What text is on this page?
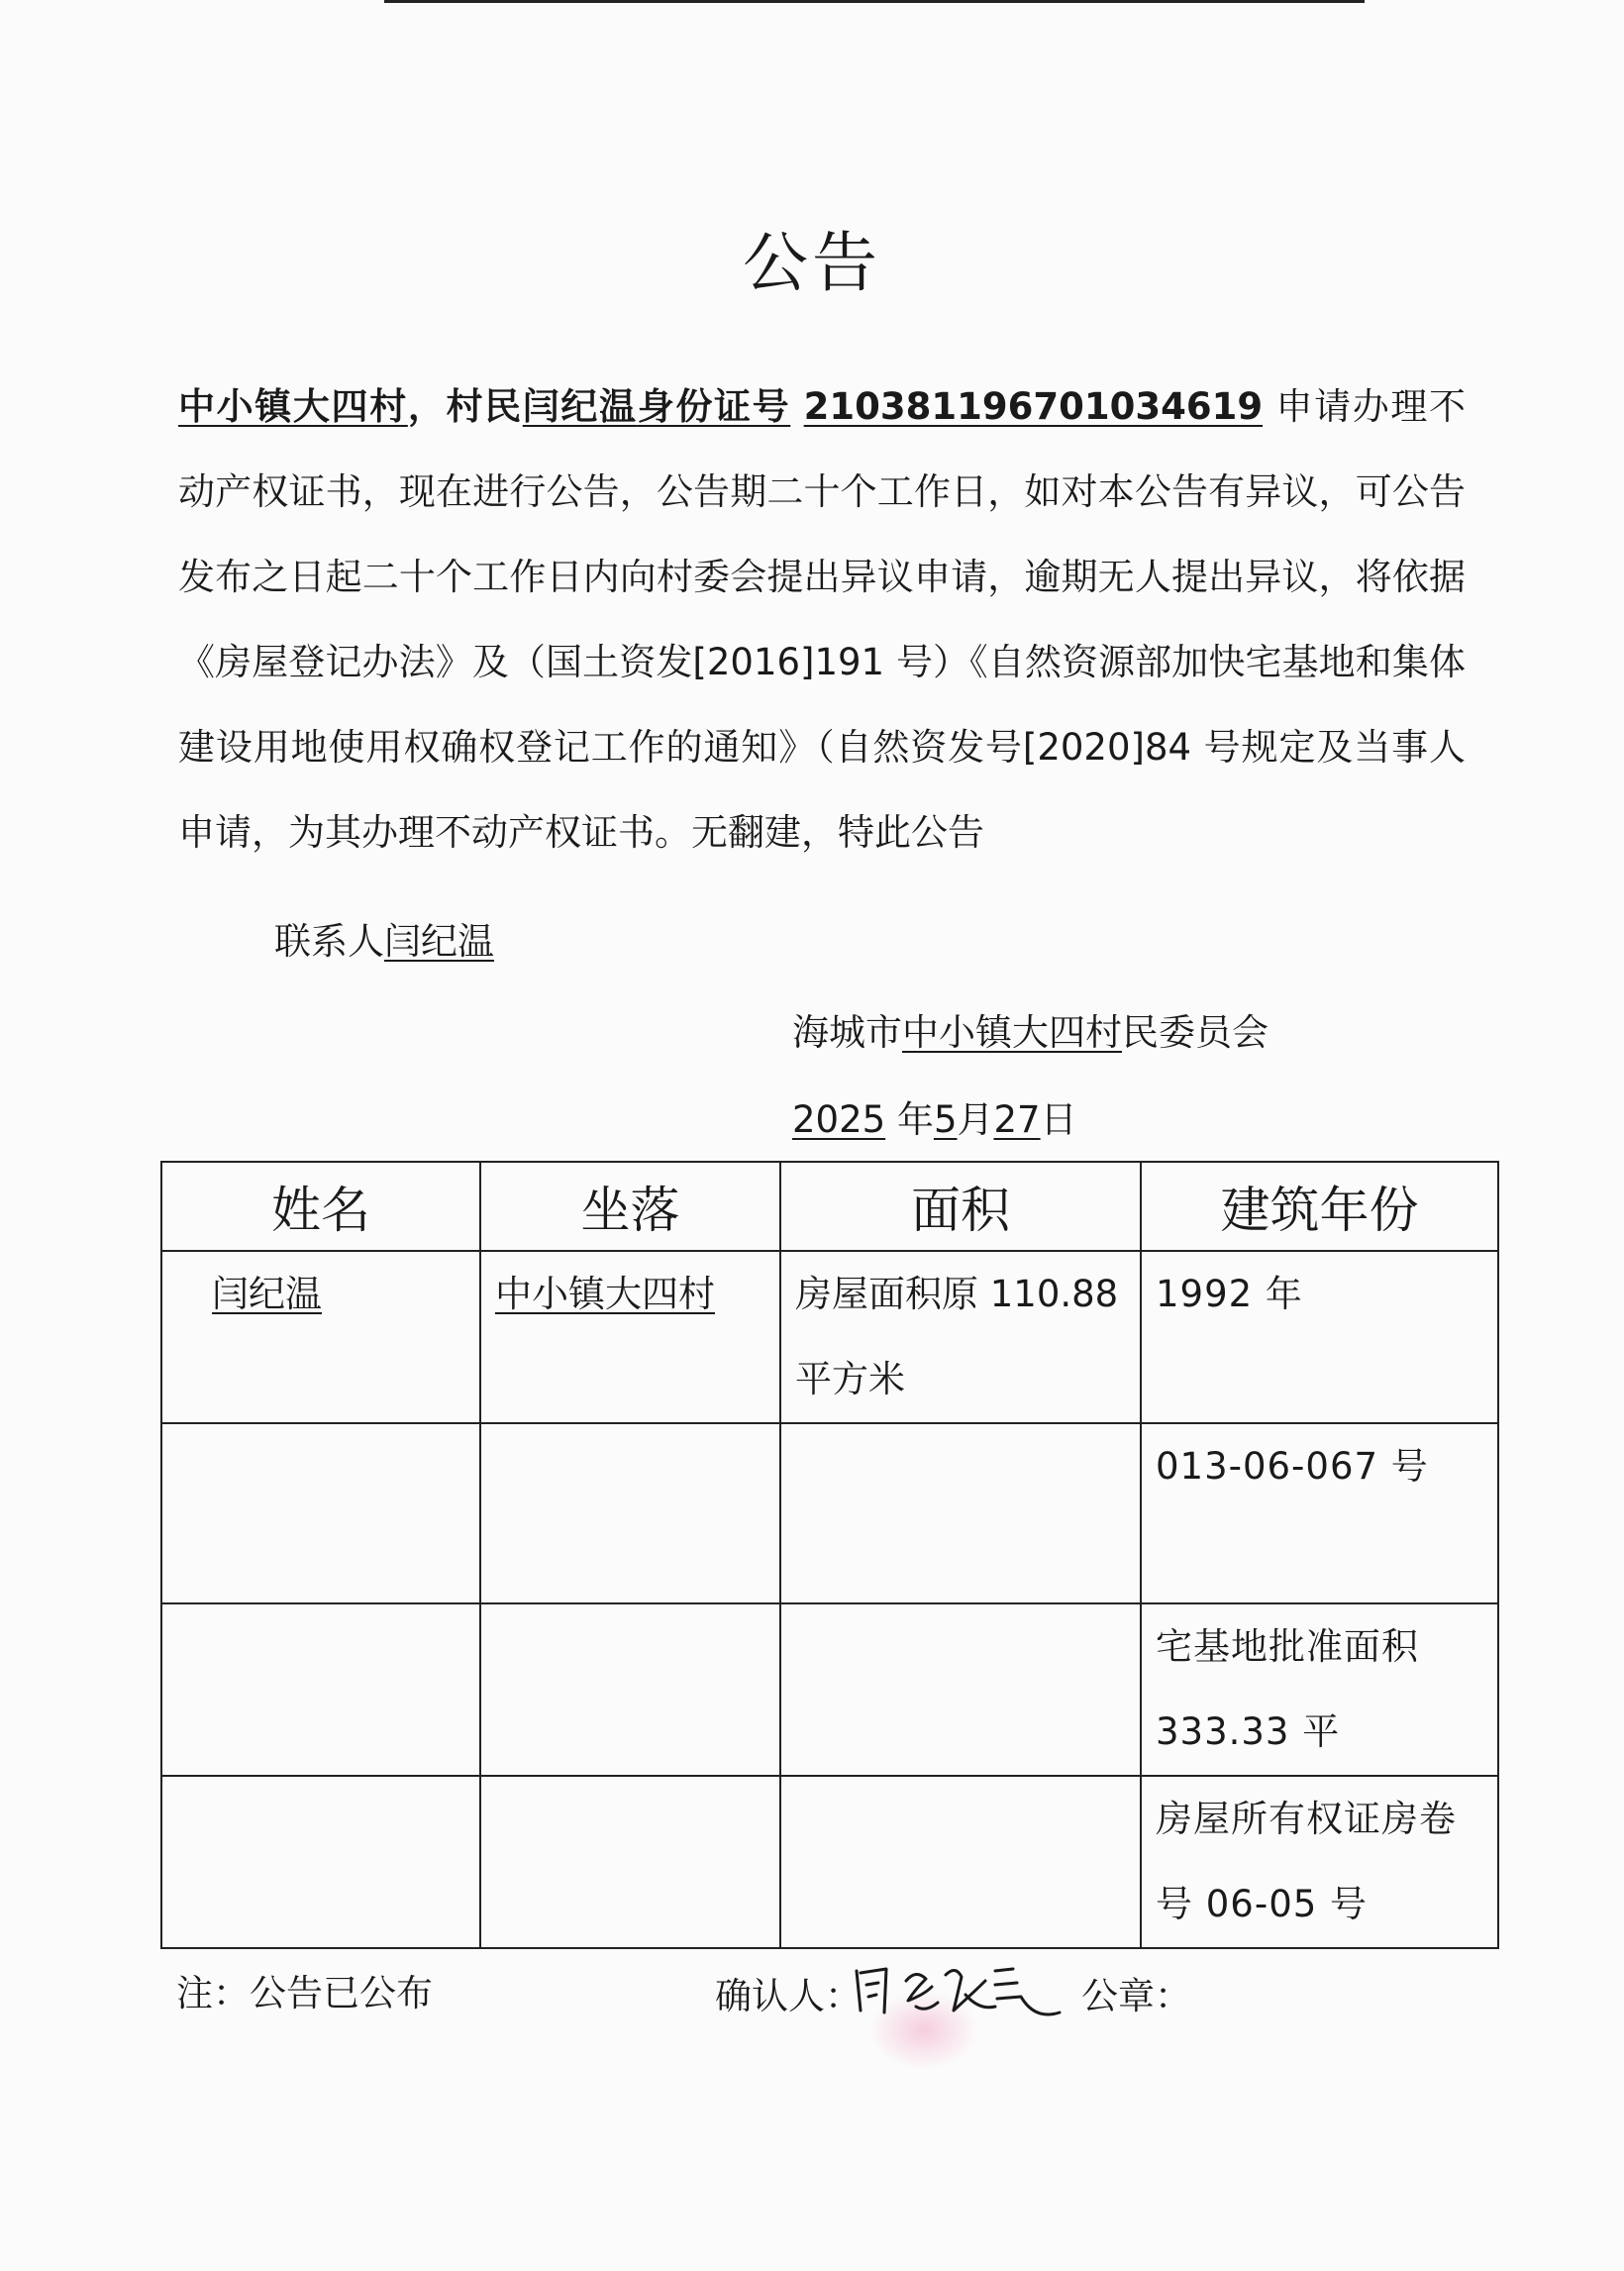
公告
中小镇大四村，村民闫纪温身份证号 210381196701034619 申请办理不动产权证书，现在进行公告，公告期二十个工作日，如对本公告有异议，可公告发布之日起二十个工作日内向村委会提出异议申请，逾期无人提出异议，将依据《房屋登记办法》及（国土资发[2016]191 号）《自然资源部加快宅基地和集体建设用地使用权确权登记工作的通知》（自然资发号[2020]84 号规定及当事人申请，为其办理不动产权证书。无翻建，特此公告
联系人闫纪温
海城市中小镇大四村民委员会
2025 年5月27日
姓名	坐落	面积	建筑年份
闫纪温	中小镇大四村	房屋面积原 110.88 平方米	1992 年
			013-06-067 号
			宅基地批准面积 333.33 平
			房屋所有权证房卷号 06-05 号
注：公告已公布	确认人：	公章：
